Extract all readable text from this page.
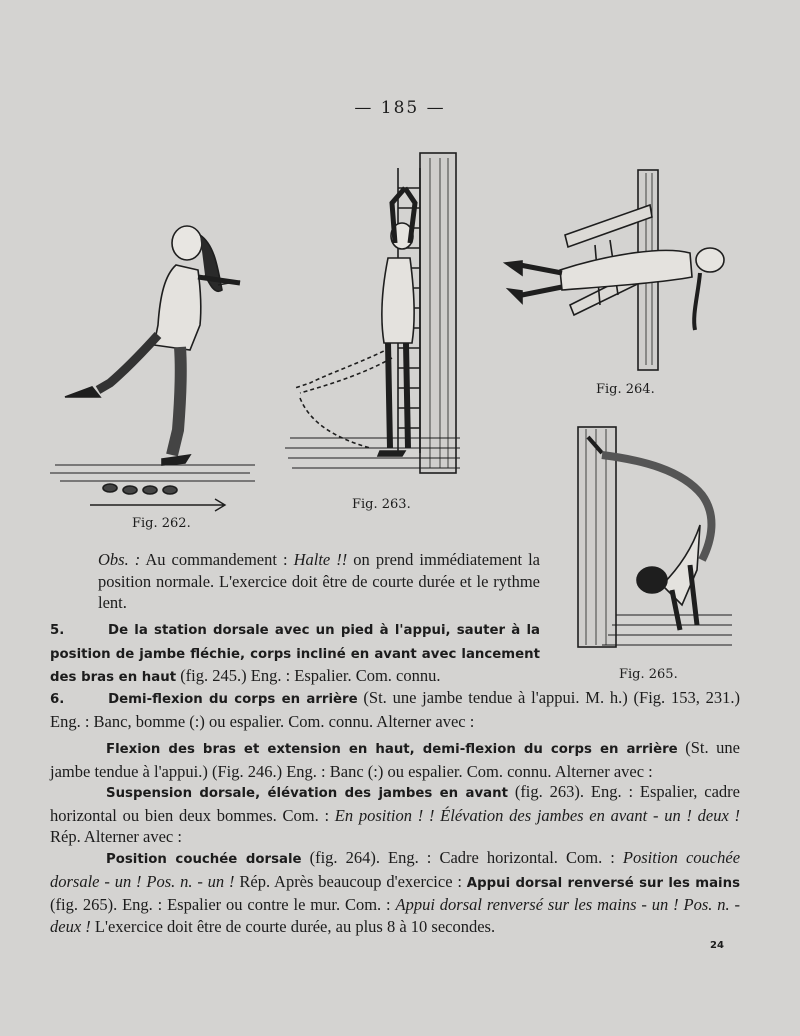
— 185 —
Fig. 262.
Fig. 263.
Fig. 264.
Fig. 265.
Obs. : Au commandement : Halte !! on prend immédiatement la position normale. L'exercice doit être de courte durée et le rythme lent.
5.	De la station dorsale avec un pied à l'appui, sauter à la position de jambe fléchie, corps incliné en avant avec lancement des bras en haut (fig. 245.) Eng. : Espalier. Com. connu.
6.	Demi-flexion du corps en arrière (St. une jambe tendue à l'appui. M. h.) (Fig. 153, 231.) Eng. : Banc, bomme (:) ou espalier. Com. connu. Alterner avec :
Flexion des bras et extension en haut, demi-flexion du corps en arrière (St. une jambe tendue à l'appui.) (Fig. 246.) Eng. : Banc (:) ou espalier. Com. connu. Alterner avec :
Suspension dorsale, élévation des jambes en avant (fig. 263). Eng. : Espalier, cadre horizontal ou bien deux bommes. Com. : En position ! ! Élévation des jambes en avant - un ! deux ! Rép. Alterner avec :
Position couchée dorsale (fig. 264). Eng. : Cadre horizontal. Com. : Position couchée dorsale - un ! Pos. n. - un ! Rép. Après beaucoup d'exercice : Appui dorsal renversé sur les mains (fig. 265). Eng. : Espalier ou contre le mur. Com. : Appui dorsal renversé sur les mains - un ! Pos. n. - deux ! L'exercice doit être de courte durée, au plus 8 à 10 secondes.
24
